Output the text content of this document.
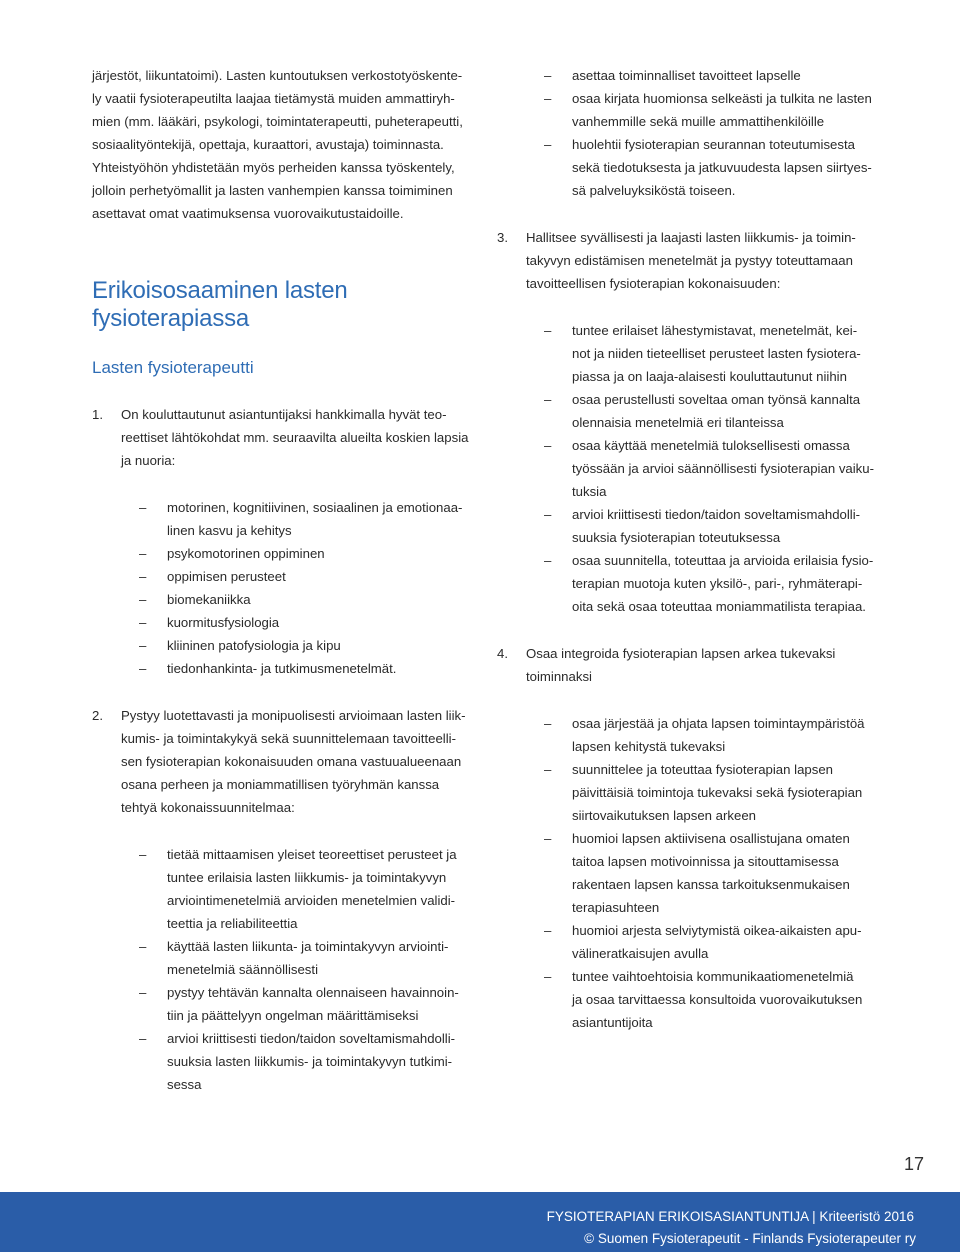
järjestöt, liikuntatoimi). Lasten kuntoutuksen verkostotyöskente-
ly vaatii fysioterapeutilta laajaa tietämystä muiden ammattiryh-
mien (mm. lääkäri, psykologi, toimintaterapeutti, puheterapeutti,
sosiaalityöntekijä, opettaja, kuraattori, avustaja) toiminnasta.
Yhteistyöhön yhdistetään myös perheiden kanssa työskentely,
jolloin perhetyömallit ja lasten vanhempien kanssa toimiminen
asettavat omat vaatimuksensa vuorovaikutustaidoille.
Erikoisosaaminen lasten
fysioterapiassa
Lasten fysioterapeutti
1. On kouluttautunut asiantuntijaksi hankkimalla hyvät teo-
reettiset lähtökohdat mm. seuraavilta alueilta koskien lapsia
ja nuoria:
– motorinen, kognitiivinen, sosiaalinen ja emotionaa-
linen kasvu ja kehitys
– psykomotorinen oppiminen
– oppimisen perusteet
– biomekaniikka
– kuormitusfysiologia
– kliininen patofysiologia ja kipu
– tiedonhankinta- ja tutkimusmenetelmät.
2. Pystyy luotettavasti ja monipuolisesti arvioimaan lasten liik-
kumis- ja toimintakykyä sekä suunnittelemaan tavoitteelli-
sen fysioterapian kokonaisuuden omana vastuualueenaan
osana perheen ja moniammatillisen työryhmän kanssa
tehtyä kokonaissuunnitelmaa:
– tietää mittaamisen yleiset teoreettiset perusteet ja
tuntee erilaisia lasten liikkumis- ja toimintakyvyn
arviointimenetelmiä arvioiden menetelmien validi-
teettia ja reliabiliteettia
– käyttää lasten liikunta- ja toimintakyvyn arviointi-
menetelmiä säännöllisesti
– pystyy tehtävän kannalta olennaiseen havainnoin-
tiin ja päättelyyn ongelman määrittämiseksi
– arvioi kriittisesti tiedon/taidon soveltamismahdolli-
suuksia lasten liikkumis- ja toimintakyvyn tutkimi-
sessa
– asettaa toiminnalliset tavoitteet lapselle
– osaa kirjata huomionsa selkeästi ja tulkita ne lasten
vanhemmille sekä muille ammattihenkilöille
– huolehtii fysioterapian seurannan toteutumisesta
sekä tiedotuksesta ja jatkuvuudesta lapsen siirtyes-
sä palveluyksiköstä toiseen.
3. Hallitsee syvällisesti ja laajasti lasten liikkumis- ja toimin-
takyvyn edistämisen menetelmät ja pystyy toteuttamaan
tavoitteellisen fysioterapian kokonaisuuden:
– tuntee erilaiset lähestymistavat, menetelmät, kei-
not ja niiden tieteelliset perusteet lasten fysiotera-
piassa ja on laaja-alaisesti kouluttautunut niihin
– osaa perustellusti soveltaa oman työnsä kannalta
olennaisia menetelmiä eri tilanteissa
– osaa käyttää menetelmiä tuloksellisesti omassa
työssään ja arvioi säännöllisesti fysioterapian vaiku-
tuksia
– arvioi kriittisesti tiedon/taidon soveltamismahdolli-
suuksia fysioterapian toteutuksessa
– osaa suunnitella, toteuttaa ja arvioida erilaisia fysio-
terapian muotoja kuten yksilö-, pari-, ryhmäterapi-
oita sekä osaa toteuttaa moniammatilista terapiaa.
4. Osaa integroida fysioterapian lapsen arkea tukevaksi
toiminnaksi
– osaa järjestää ja ohjata lapsen toimintaympäristöä
lapsen kehitystä tukevaksi
– suunnittelee ja toteuttaa fysioterapian lapsen
päivittäisiä toimintoja tukevaksi sekä fysioterapian
siirtovaikutuksen lapsen arkeen
– huomioi lapsen aktiivisena osallistujana omaten
taitoa lapsen motivoinnissa ja sitouttamisessa
rakentaen lapsen kanssa tarkoituksenmukaisen
terapiasuhteen
– huomioi arjesta selviytymistä oikea-aikaisten apu-
välineratkaisujen avulla
– tuntee vaihtoehtoisia kommunikaatiomenetelmiä
ja osaa tarvittaessa konsultoida vuorovaikutuksen
asiantuntijoita
17
FYSIOTERAPIAN ERIKOISASIANTUNTIJA | Kriteeristö 2016
© Suomen Fysioterapeutit - Finlands Fysioterapeuter ry
